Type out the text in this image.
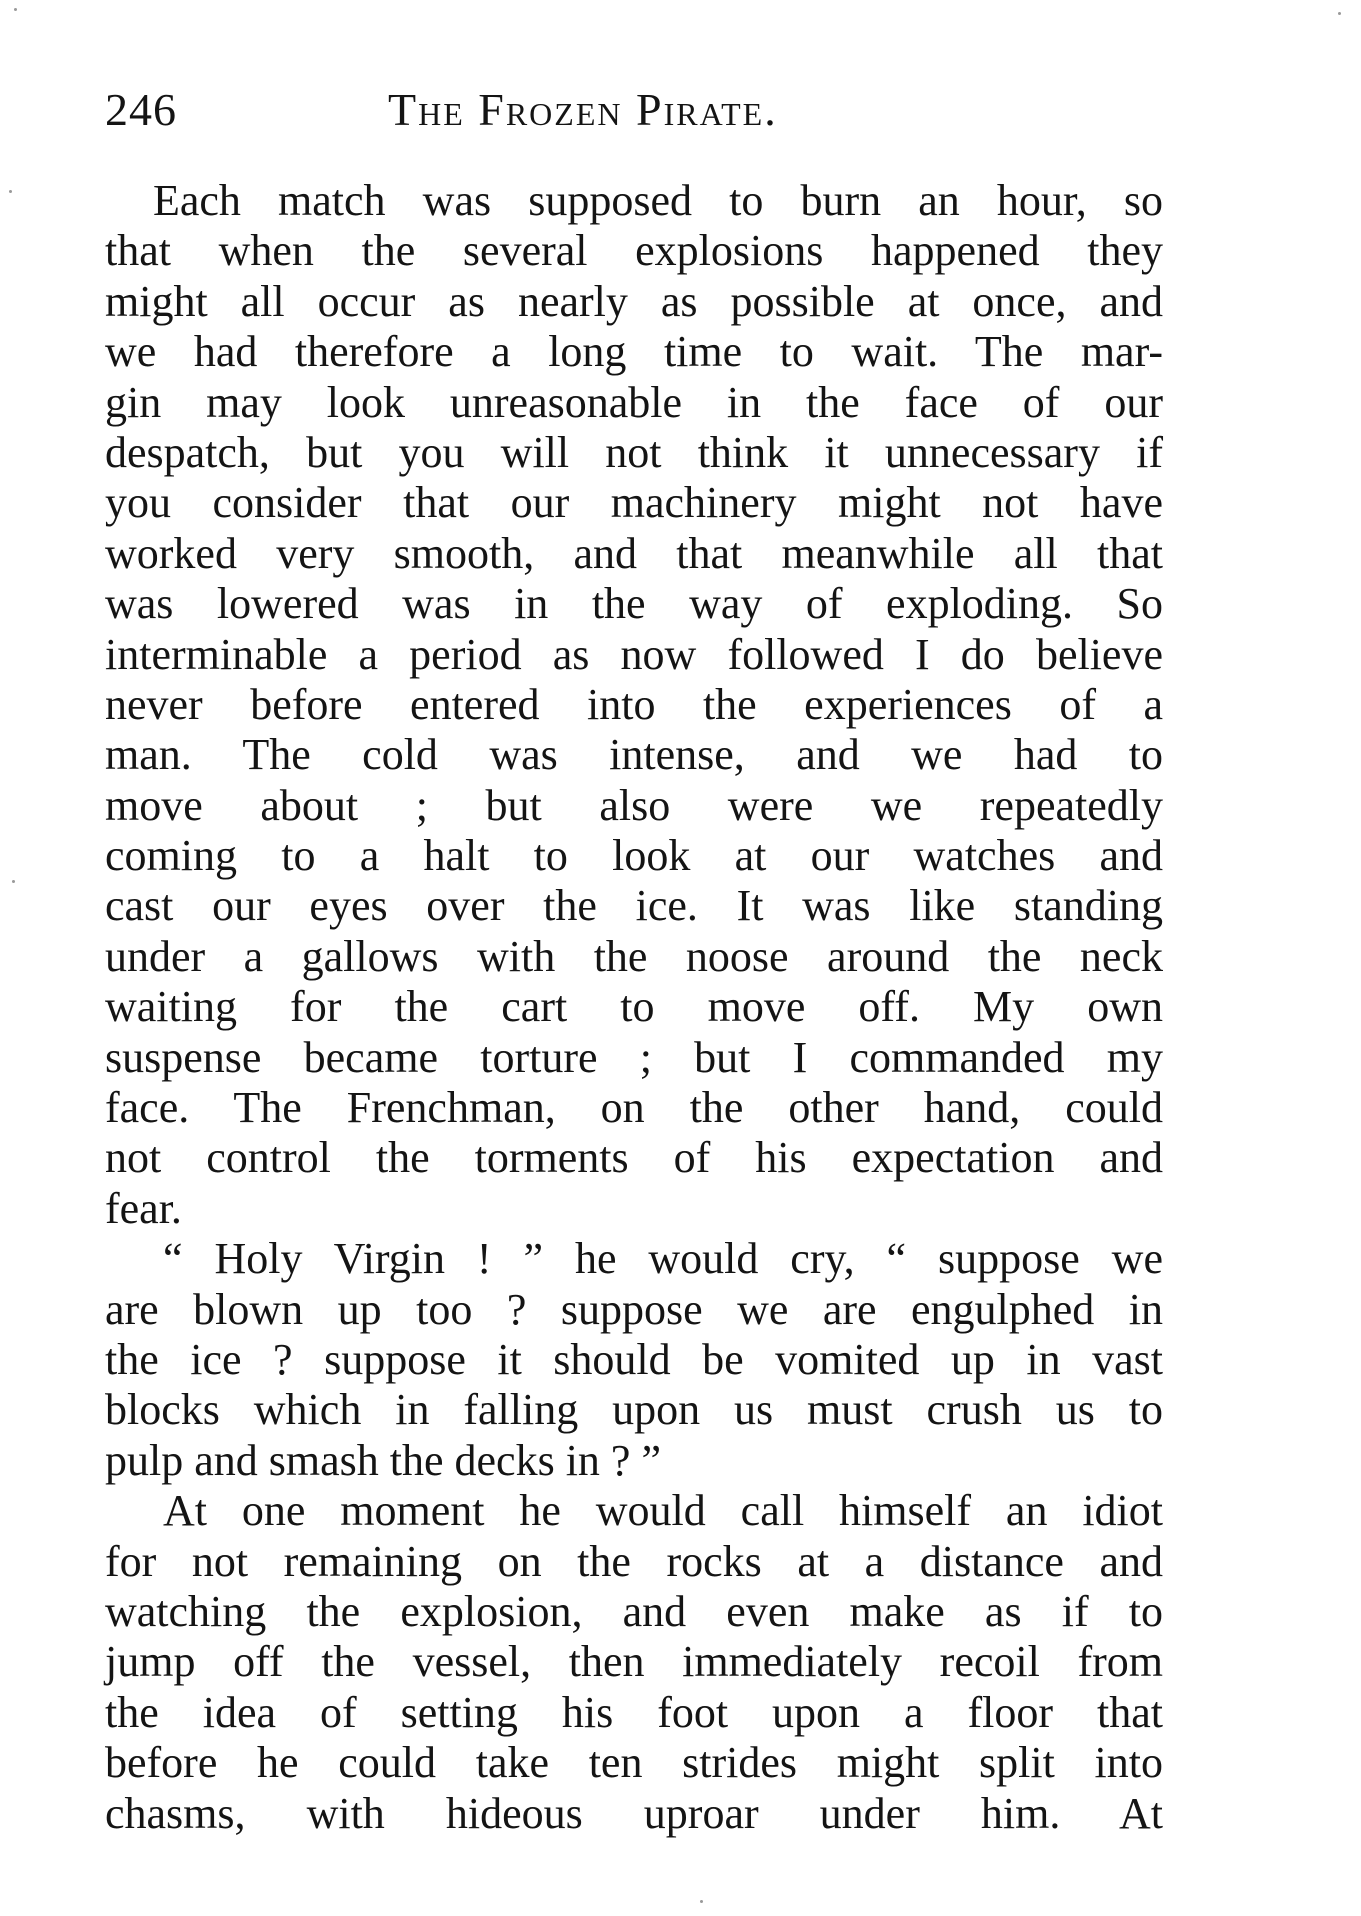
246	The Frozen Pirate.
Each match was supposed to burn an hour, so
that when the several explosions happened they
might all occur as nearly as possible at once, and
we had therefore a long time to wait. The mar-
gin may look unreasonable in the face of our
despatch, but you will not think it unnecessary if
you consider that our machinery might not have
worked very smooth, and that meanwhile all that
was lowered was in the way of exploding. So
interminable a period as now followed I do believe
never before entered into the experiences of a
man. The cold was intense, and we had to
move about ; but also were we repeatedly
coming to a halt to look at our watches and
cast our eyes over the ice. It was like standing
under a gallows with the noose around the neck
waiting for the cart to move off. My own
suspense became torture ; but I commanded my
face. The Frenchman, on the other hand, could
not control the torments of his expectation and
fear.
“ Holy Virgin ! ” he would cry, “ suppose we
are blown up too ? suppose we are engulphed in
the ice ? suppose it should be vomited up in vast
blocks which in falling upon us must crush us to
pulp and smash the decks in ? ”
At one moment he would call himself an idiot
for not remaining on the rocks at a distance and
watching the explosion, and even make as if to
jump off the vessel, then immediately recoil from
the idea of setting his foot upon a floor that
before he could take ten strides might split into
chasms, with hideous uproar under him. At
